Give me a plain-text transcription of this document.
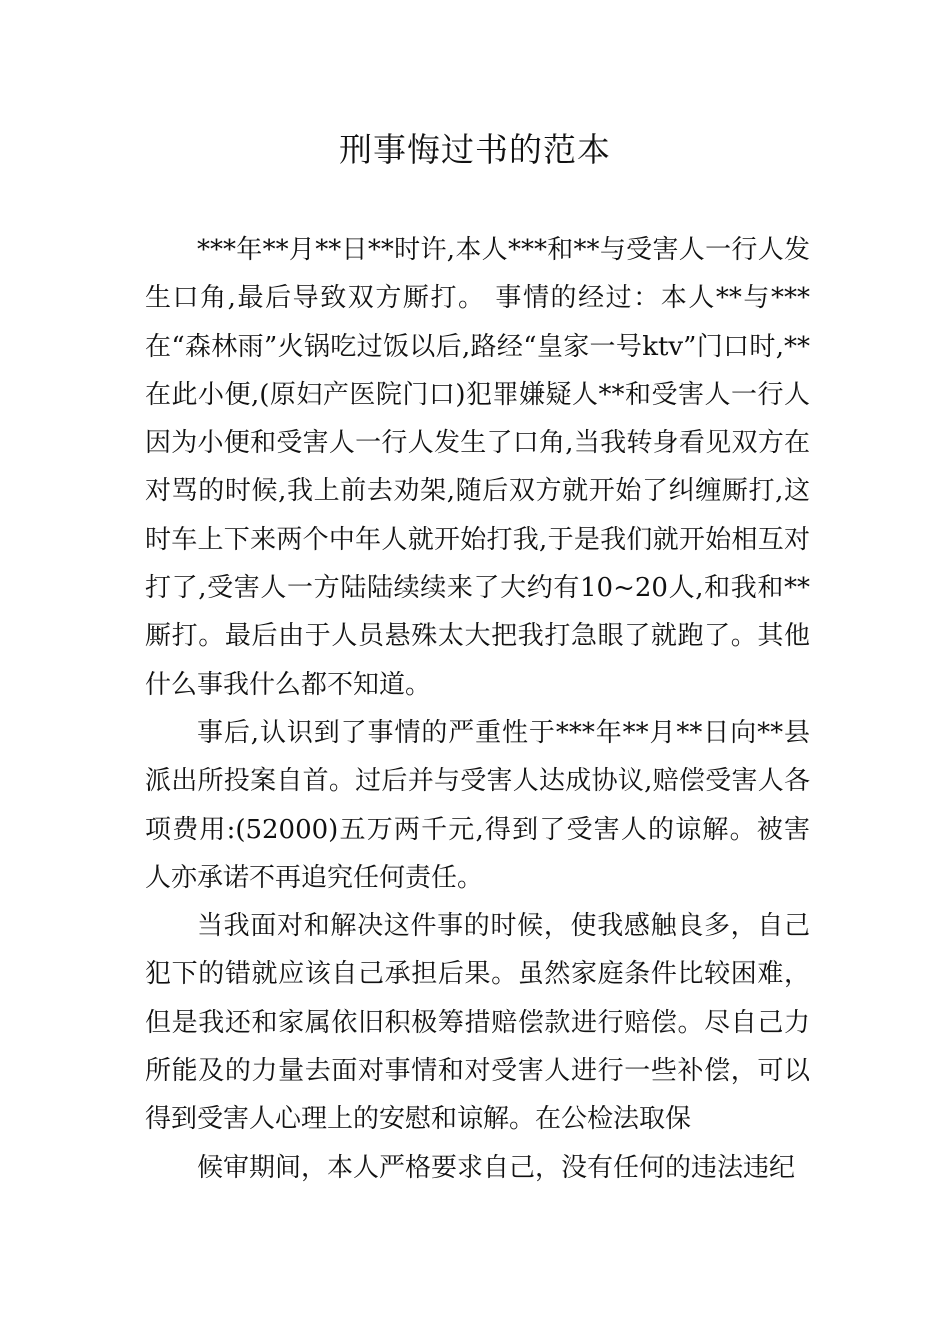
刑事悔过书的范本

***年**月**日**时许,本人***和**与受害人一行人发生口角,最后导致双方厮打。 事情的经过：本人**与***在“森林雨”火锅吃过饭以后,路经“皇家一号ktv”门口时,**在此小便,(原妇产医院门口)犯罪嫌疑人**和受害人一行人因为小便和受害人一行人发生了口角,当我转身看见双方在对骂的时候,我上前去劝架,随后双方就开始了纠缠厮打,这时车上下来两个中年人就开始打我,于是我们就开始相互对打了,受害人一方陆陆续续来了大约有10~20人,和我和**厮打。最后由于人员悬殊太大把我打急眼了就跑了。其他什么事我什么都不知道。

事后,认识到了事情的严重性于***年**月**日向**县派出所投案自首。过后并与受害人达成协议,赔偿受害人各项费用:(52000)五万两千元,得到了受害人的谅解。被害人亦承诺不再追究任何责任。

当我面对和解决这件事的时候，使我感触良多，自己犯下的错就应该自己承担后果。虽然家庭条件比较困难，但是我还和家属依旧积极筹措赔偿款进行赔偿。尽自己力所能及的力量去面对事情和对受害人进行一些补偿，可以得到受害人心理上的安慰和谅解。在公检法取保

候审期间，本人严格要求自己，没有任何的违法违纪
